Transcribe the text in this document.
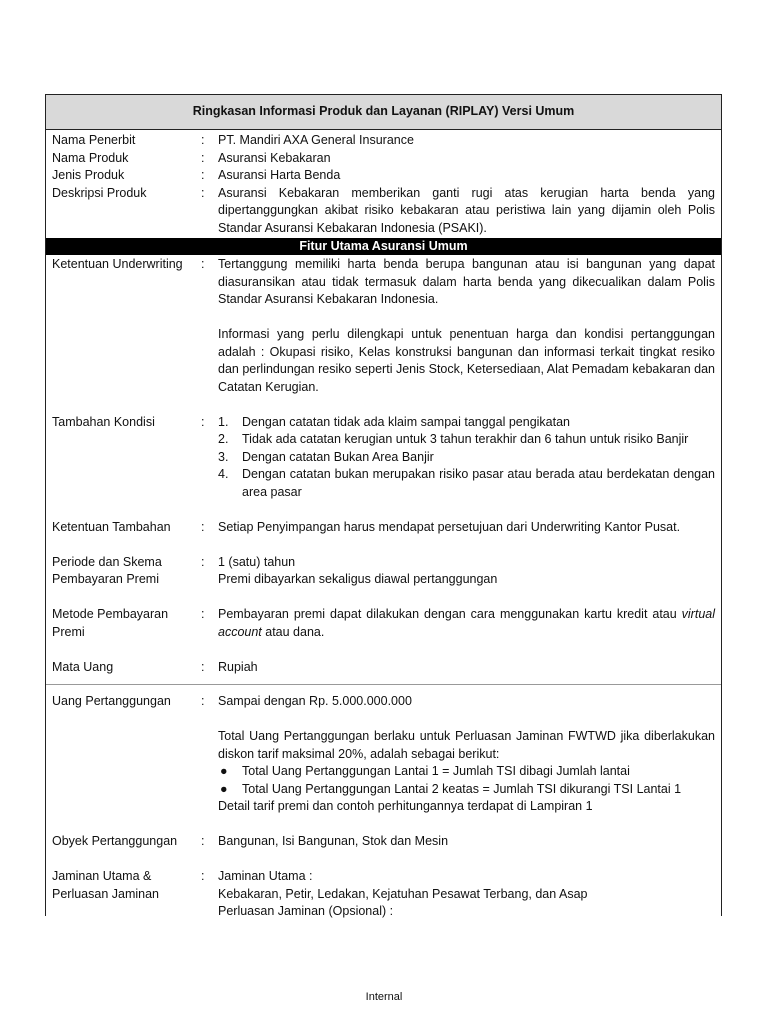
Ringkasan Informasi Produk dan Layanan (RIPLAY) Versi Umum
Nama Penerbit	:	PT. Mandiri AXA General Insurance
Nama Produk	:	Asuransi Kebakaran
Jenis Produk	:	Asuransi Harta Benda
Deskripsi Produk	:	Asuransi Kebakaran memberikan ganti rugi atas kerugian harta benda yang dipertanggungkan akibat risiko kebakaran atau peristiwa lain yang dijamin oleh Polis Standar Asuransi Kebakaran Indonesia (PSAKI).
Fitur Utama Asuransi Umum
Ketentuan Underwriting	:	Tertanggung memiliki harta benda berupa bangunan atau isi bangunan yang dapat diasuransikan atau tidak termasuk dalam harta benda yang dikecualikan dalam Polis Standar Asuransi Kebakaran Indonesia.

Informasi yang perlu dilengkapi untuk penentuan harga dan kondisi pertanggungan adalah : Okupasi risiko, Kelas konstruksi bangunan dan informasi terkait tingkat resiko dan perlindungan resiko seperti Jenis Stock, Ketersediaan, Alat Pemadam kebakaran dan Catatan Kerugian.

Tambahan Kondisi	:	1.	Dengan catatan tidak ada klaim sampai tanggal pengikatan
2.	Tidak ada catatan kerugian untuk 3 tahun terakhir dan 6 tahun untuk risiko Banjir
3.	Dengan catatan Bukan Area Banjir
4.	Dengan catatan bukan merupakan risiko pasar atau berada atau berdekatan dengan area pasar
Ketentuan Tambahan	:	Setiap Penyimpangan harus mendapat persetujuan dari Underwriting Kantor Pusat.
Periode dan Skema
Pembayaran Premi
:	1 (satu) tahun
Premi dibayarkan sekaligus diawal pertanggungan
Metode Pembayaran
Premi
:	Pembayaran premi dapat dilakukan dengan cara menggunakan kartu kredit atau virtual account atau dana.
Mata Uang	:	Rupiah
Uang Pertanggungan	:	Sampai dengan Rp. 5.000.000.000

Total Uang Pertanggungan berlaku untuk Perluasan Jaminan FWTWD jika diberlakukan diskon tarif maksimal 20%, adalah sebagai berikut:

●	Total Uang Pertanggungan Lantai 1 = Jumlah TSI dibagi Jumlah lantai
●	Total Uang Pertanggungan Lantai 2 keatas = Jumlah TSI dikurangi TSI Lantai 1
Detail tarif premi dan contoh perhitungannya terdapat di Lampiran 1
Obyek Pertanggungan	:	Bangunan, Isi Bangunan, Stok dan Mesin
Jaminan Utama &
Perluasan Jaminan
:	Jaminan Utama :
Kebakaran, Petir, Ledakan, Kejatuhan Pesawat Terbang, dan Asap
Perluasan Jaminan (Opsional) :
Internal
